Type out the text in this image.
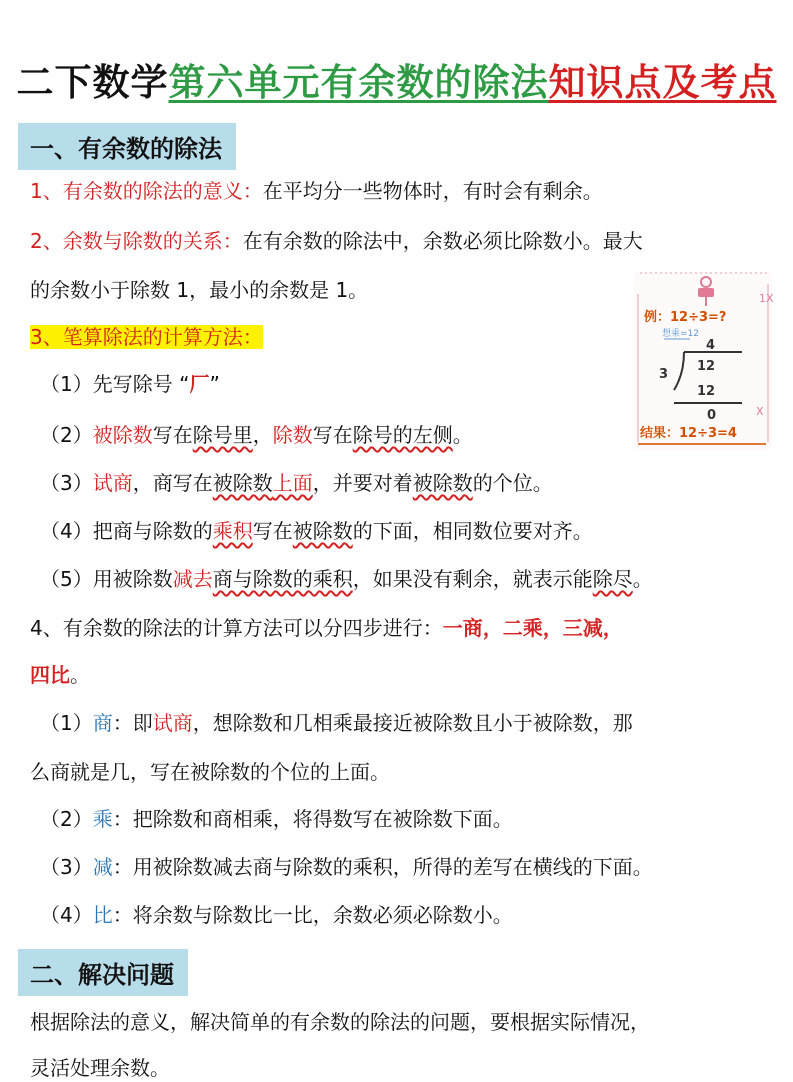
二下数学第六单元有余数的除法知识点及考点
一、有余数的除法
1、有余数的除法的意义：在平均分一些物体时，有时会有剩余。
2、余数与除数的关系：在有余数的除法中，余数必须比除数小。最大
的余数小于除数 1，最小的余数是 1。
3、笔算除法的计算方法：
（1）先写除号 “厂”
（2）被除数写在除号里，除数写在除号的左侧。
（3）试商，商写在被除数上面，并要对着被除数的个位。
（4）把商与除数的乘积写在被除数的下面，相同数位要对齐。
（5）用被除数减去商与除数的乘积，如果没有剩余，就表示能除尽。
4、有余数的除法的计算方法可以分四步进行：一商，二乘，三减，
四比。
（1）商：即试商，想除数和几相乘最接近被除数且小于被除数，那
么商就是几，写在被除数的个位的上面。
（2）乘：把除数和商相乘，将得数写在被除数下面。
（3）减：用被除数减去商与除数的乘积，所得的差写在横线的下面。
（4）比：将余数与除数比一比，余数必须必除数小。
二、解决问题
根据除法的意义，解决简单的有余数的除法的问题，要根据实际情况，
灵活处理余数。
1X
例：12÷3=?
想乘=12
4
3
12
12
0	X
结果：12÷3=4
